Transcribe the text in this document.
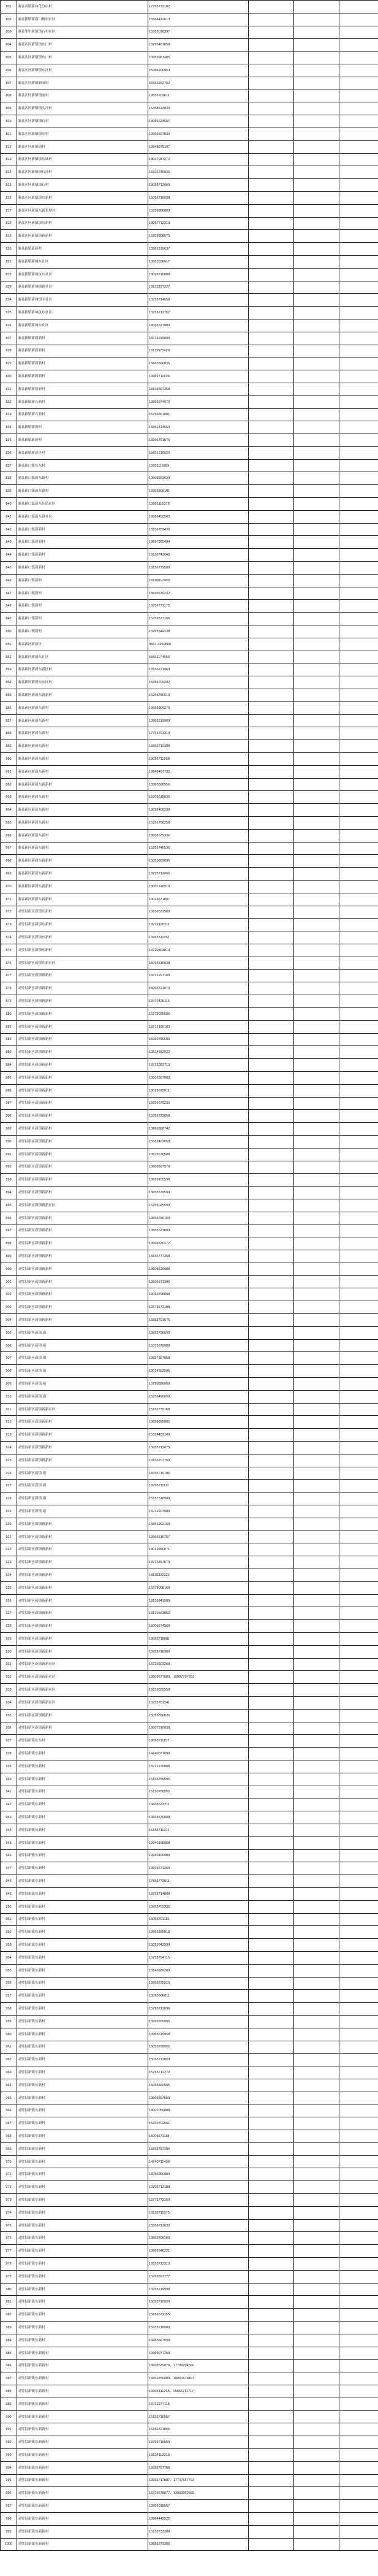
801	秦县河镇新向化分店村	17755732182			
802	秦县新镇新新口楼村社区	15566432613			
803	秦县邻里新镇镇石村社区	15955016397			
804	秦县区区新镇镇东门村	18770451858			
805	秦县区区新镇镇东口村	13955967305			
806	秦县区区新镇镇东区村	15366300953			
807	秦县区区新镇新园村	15556262702			
808	秦县区区新镇镇前村	19555203611			
809	秦县区区新镇镇头沙村	15358513830			
810	秦县区区新镇镇石村	18056624657			
811	秦县区区新镇镇东村	19956697033			
812	秦县区区新镇镇村	19948875197			
813	秦县区区新镇镇东城村	18037037272			
814	秦县区区新镇镇石西村	15926246836			
815	秦县区区新镇镇石村	18058712060			
816	秦县区区新镇镇东新村	15056715638			
817	秦县区区新镇东新张坝村	15299966869			
818	秦县区区新镇镇东新村	18057712213			
819	秦县区区新镇镇新新村	15209908575			
820	秦县新镇新新村	13965319637			
821	秦县新镇新城东社区	13965556617			
822	秦县新镇新城区东社区	18096710008			
823	秦县新镇新城镇新社区	18129297227			
824	秦县新镇新城镇区社区	15255714658			
825	秦县新镇新城区东社区	13255712752			
826	秦县新镇新城东社区	18056627980			
827	秦县新镇新新新村	18714919809			
828	秦县新镇新新新村	18112570429			
829	秦县新镇新新新村	15665560836			
830	秦县新镇新新新村	13969711636			
831	秦县新镇新新新村	18155597358			
832	秦县新镇新石新村	13966974079			
833	秦县新镇新石新村	15755661001			
834	秦县新镇新新村	15551414663			
835	秦县新镇新新村	18396751575			
836	秦县新镇新新区村	15651215020			
837	秦县新口镇东东村	15551116289			
838	秦县新口镇新东镇村	19509553630			
839	秦县新口镇新东镇村	18365500101			
840	秦县新口镇新东东镇社区	13965116376			
841	秦县新口镇新东镇社区	19966452503			
842	秦县新口镇新新村	18156759436			
843	秦县新口镇新新村	18697965494			
844	秦县新口镇新新村	18156743048			
845	秦县新口镇新新村	18156779500			
846	秦县新口镇新村	18116817409			
847	秦县新口镇新村	18695879232			
848	秦县新口镇新村	18256771173			
849	秦县新口镇新村	15256577106			
850	秦县新口镇新村	15995344238			
851	秦县新区新新区	0557-4360500			
852	秦县新区新新东社区	15651174669			
853	秦县新区新新东新区村	18156721969			
854	秦县新区新新东东区村	15956709202			
855	秦县新区新新东新新村	15255756610			
856	秦县新区新新东新村	19956906279			
857	秦县新区新新东新村	13965519969			
858	秦县新区新新东新村	17755701319			
859	秦县新区新新东新村	15556712308			
860	秦县新区新新东新村	18056711958			
861	秦县新区新新东新村	19949497732			
862	秦县新区新新东新新村	18365590556			
863	秦县新区新新东新村	15205615036			
864	秦县新区新新东新村	18096405290			
865	秦县新区新新东新村	15256758258			
866	秦县新区新新东新村	18005579336			
867	秦县新区新新东新村	15255746536			
868	秦县新区新新东新新村	15055659695			
869	秦县新区新新东新新村	18725712066			
870	秦县新区新新东新新村	18007318919			
871	秦县新区新新东新新村	13025871007			
872	灵璧县新区新镇东新村	19156531589			
873	灵璧县新区新镇东新村	18712120311			
874	灵璧县新区新镇东新村	13965511051			
875	灵璧县新区新镇东新村	18720303810			
876	灵璧县新区新镇东新社区	15055510038			
877	灵璧县新区新镇新新村	18712297165			
878	灵璧县新区新镇新新村	15055721073			
879	灵璧县新区新镇新新村	13470426116			
880	灵璧县新区新镇新新村	15173025596			
881	灵璧县新区新镇新新村	18712180103			
882	灵璧县新区新镇新新村	15956755506			
883	灵璧县新区新镇新新村	13514582022			
884	灵璧县新区新镇新新村	18712092713			
885	灵璧县新区新镇新新村	13505567089			
886	灵璧县新区新镇新新村	18029932011			
887	灵璧县新区新镇新新村	15556575233			
888	灵璧县新区新镇新新村	15955722058			
889	灵璧县新区新镇新新村	13866568742			
890	灵璧县新区新镇新新村	15562403059			
891	灵璧县新区新镇新新村	13625670588			
892	灵璧县新区新镇新新村	13605527579			
893	灵璧县新区新镇新新村	13625700598			
894	灵璧县新区新镇新新村	13655579590			
895	灵璧县新区新镇新新社区	15255025599			
896	灵璧县新区新镇新新村	13655760169			
897	灵璧县新区新镇新新村	13505573000			
898	灵璧县新区新镇新新村	13505570272			
899	灵璧县新区新镇新新村	18155777358			
900	灵璧县新区新镇新新村	18605529088			
901	灵璧县新区新镇新新村	13605571306			
902	灵璧县新区新镇新新村	18056795898			
903	灵璧县新区新镇新新村	13575572188			
904	灵璧县新区新镇新新村	15555791575			
905	灵璧县新区新镇 新	13955796699			
906	灵璧县新区新镇 新	15375979989			
907	灵璧县新区新镇 新	13657557058			
908	灵璧县新区新镇 新	13014553506			
909	灵璧县新区新镇 新	15720096000			
910	灵璧县新区新镇 新	15255496699			
911	灵璧县新区新镇新新社区	15155779168			
912	灵璧县新区新镇新新村	13856995005			
913	灵璧县新区新镇新新村	15324452100			
914	灵璧县新区新镇新新村	15055712075			
915	灵璧县新区新镇新新村	18155707750			
916	灵璧县新区新镇 新	18755710106			
917	灵璧县新区新镇 新	18755711111			
918	灵璧县新区新镇 新	15257518900			
919	灵璧县新区新镇 新	18712207089			
920	灵璧县新区新镇新新村	15851292169			
921	灵璧县新区新镇新新村	13965516757			
922	灵璧县新区新镇新新村	18019956071			
923	灵璧县新区新镇新新村	18715567079			
924	灵璧县新区新镇新新村	18119320322			
925	灵璧县新区新镇新新村	15379008169			
926	灵璧县新区新镇新新村	18136841500			
927	灵璧县新区新镇新新村	18136663852			
928	灵璧县新区新镇新新村	15005574569			
929	灵璧县新区新镇新新村	18056718681			
930	灵璧县新区新镇新新村	13955718900			
931	灵璧县新区新镇新新社区	15725503268			
932	灵璧县新区新镇新新社区	13909677689、15907707653			
933	灵璧县新区新镇新新社区	19159550559			
934	灵璧县新区新镇新新社区	15255701241			
935	灵璧县新区新镇新新村	15055550035			
936	灵璧县新区新镇新新村	18007910038			
937	灵璧县新镇东东村	18055711157			
938	灵璧县新镇东新村	14740071690			
939	灵璧县新镇东新村	18712270888			
940	灵璧县新镇东新村	15155759595			
941	灵璧县新镇东新村	15155760555			
942	灵璧县新镇东新村	13605573211			
943	灵璧县新镇东新村	13665570008			
944	灵璧县新镇东新村	15155711211			
945	灵璧县新镇东新村	19940168068			
946	灵璧县新镇东新村	19940190089			
947	灵璧县新镇东新村	13605571255			
948	灵璧县新镇东新村	17855773811			
949	灵璧县新镇东新村	18755714808			
950	灵璧县新镇东新村	13955703335			
951	灵璧县新镇东新村	15055701115			
952	灵璧县新镇东新村	13965565018			
953	灵璧县新镇东新村	15055542590			
954	灵璧县新镇东新村	15755794115			
955	灵璧县新镇东新村	13145686300			
956	灵璧县新镇东新村	19956575515			
957	灵璧县新镇东新村	15055506811			
958	灵璧县新镇东新村	15755712096			
959	灵璧县新镇东新村	13956550955			
960	灵璧县新镇东新村	19965519958			
961	灵璧县新镇东新村	15055799055			
962	灵璧县新镇东新村	15055713059			
963	灵璧县新镇东新村	15755712270			
964	灵璧县新镇东新村	15055560505			
965	灵璧县新镇东新村	13605597550			
966	灵璧县新镇东新村	18007050888			
967	灵璧县新镇东新村	15255702061			
968	灵璧县新镇东新村	15005571118			
969	灵璧县新镇东新村	15655787255			
970	灵璧县新镇东新村	14740711409			
971	灵璧县新镇东新村	18756960080			
972	灵璧县新镇东新村	13705713188			
973	灵璧县新镇东新村	15775772150			
974	灵璧县新镇东新村	18155711575			
975	灵璧县新镇东新村	15555713033			
976	灵璧县新镇东新村	13865706100			
977	灵璧县新镇东新村	13965540221			
978	灵璧县新镇东新村	18155713313			
979	灵璧县新镇东新村	15956597777			
980	灵璧县新镇东新村	13255719998			
981	灵璧县新镇东新村	15055710020			
982	灵璧县新镇东新村	15656571155			
983	灵璧县新镇东新村	15255718000			
984	灵璧县新镇东新村	13485667099			
985	灵璧县新镇东新新村	13965077250			
986	灵璧县新镇东新新村	18605579879、17709704560			
987	灵璧县新镇东新新村	18956750089、18050578497			
988	灵璧县新镇东新新村	13305311255、15055711717			
989	灵璧县新镇东新新村	18712277118			
990	灵璧县新镇东新新村	15155710557			
991	灵璧县新镇东新新村	15156721055			
992	灵璧县新镇东新新村	18755719555			
993	灵璧县新镇东新新村	18134113313			
994	灵璧县新镇东新新村	15055757788			
995	灵璧县新镇东新新村	13955717887、17707557792			
996	灵璧县新镇东新新村	15375578877、13969952565			
997	灵璧县新镇东新新村	13955018557			
998	灵璧县新镇东新新村	13984449522			
999	灵璧县新镇东新新村	15155733308			
1000	灵璧县新镇东新新村	13685573306			
